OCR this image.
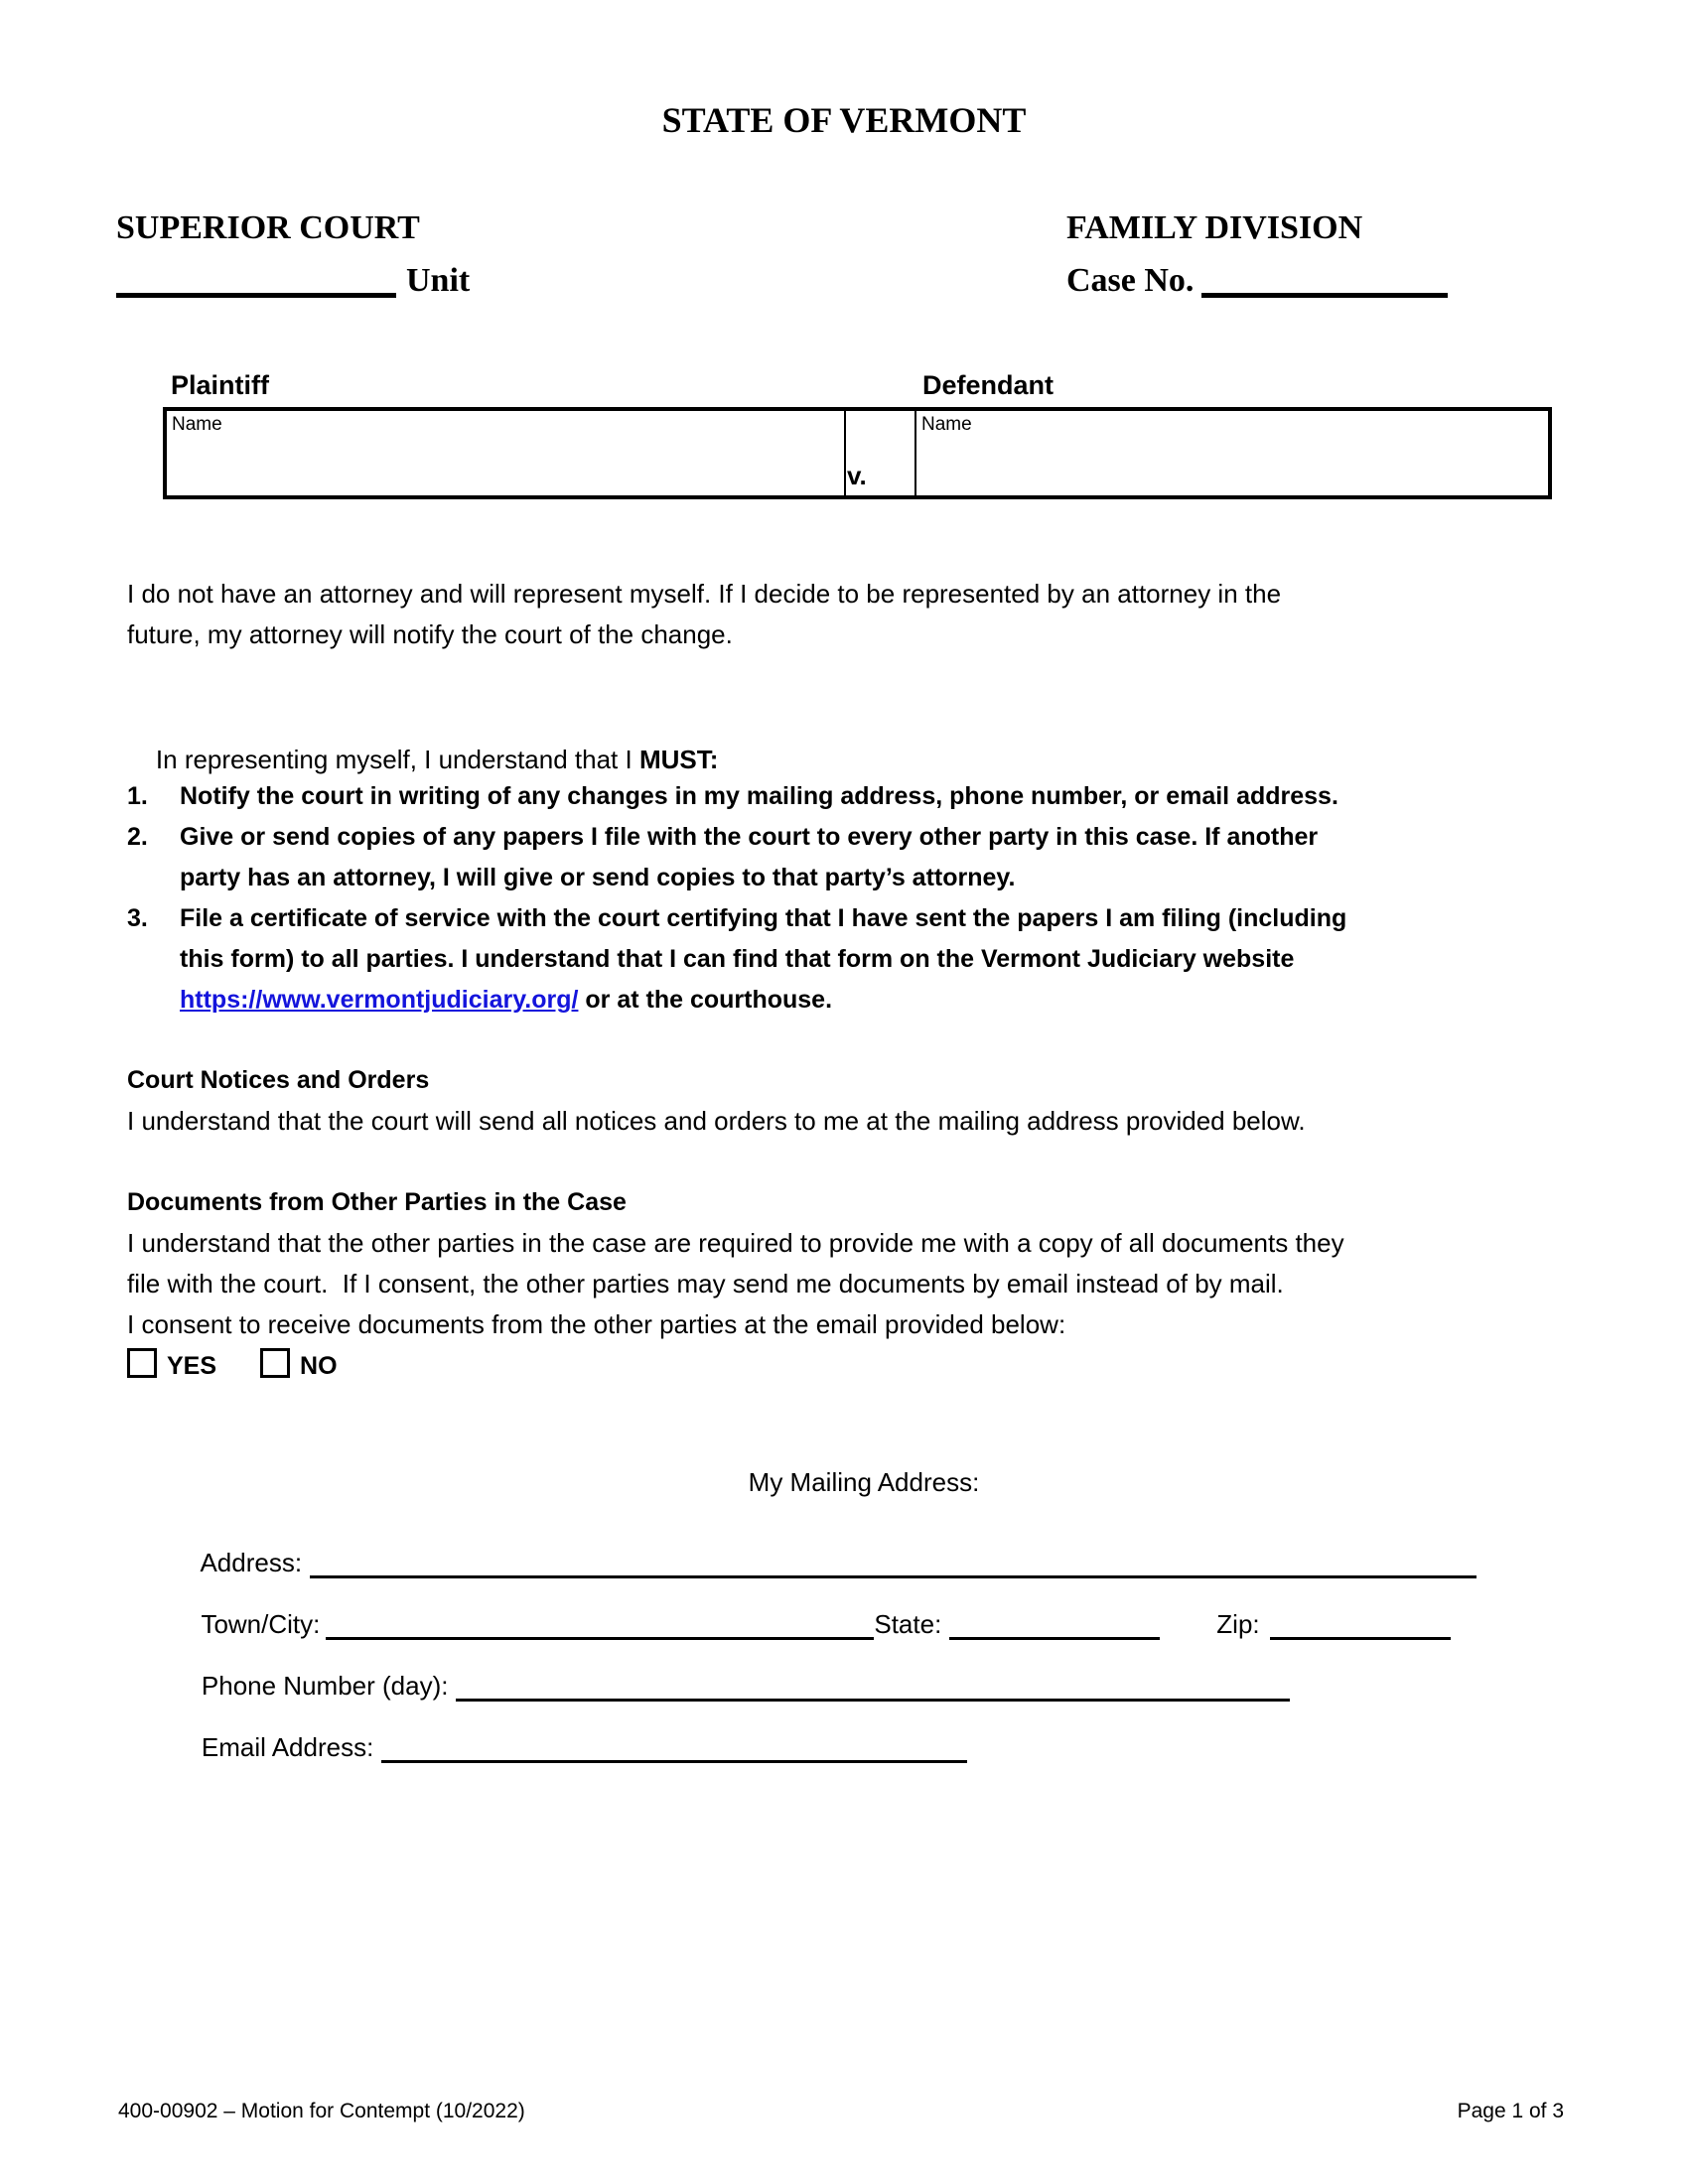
STATE OF VERMONT
SUPERIOR COURT	FAMILY DIVISION
Unit	Case No.
Plaintiff	Defendant
Name
v.
Name
I do not have an attorney and will represent myself. If I decide to be represented by an attorney in the
future, my attorney will notify the court of the change.

In representing myself, I understand that I MUST:

1.	Notify the court in writing of any changes in my mailing address, phone number, or email address.
2.	Give or send copies of any papers I file with the court to every other party in this case. If another
party has an attorney, I will give or send copies to that party’s attorney.
3.	File a certificate of service with the court certifying that I have sent the papers I am filing (including
this form) to all parties. I understand that I can find that form on the Vermont Judiciary website
https://www.vermontjudiciary.org/ or at the courthouse.
Court Notices and Orders
I understand that the court will send all notices and orders to me at the mailing address provided below.
Documents from Other Parties in the Case
I understand that the other parties in the case are required to provide me with a copy of all documents they
file with the court.  If I consent, the other parties may send me documents by email instead of by mail.
I consent to receive documents from the other parties at the email provided below:
YES	NO
My Mailing Address:

Address:

Town/City:	State:	Zip:

Phone Number (day):

Email Address:

400-00902 – Motion for Contempt (10/2022)	Page 1 of 3
